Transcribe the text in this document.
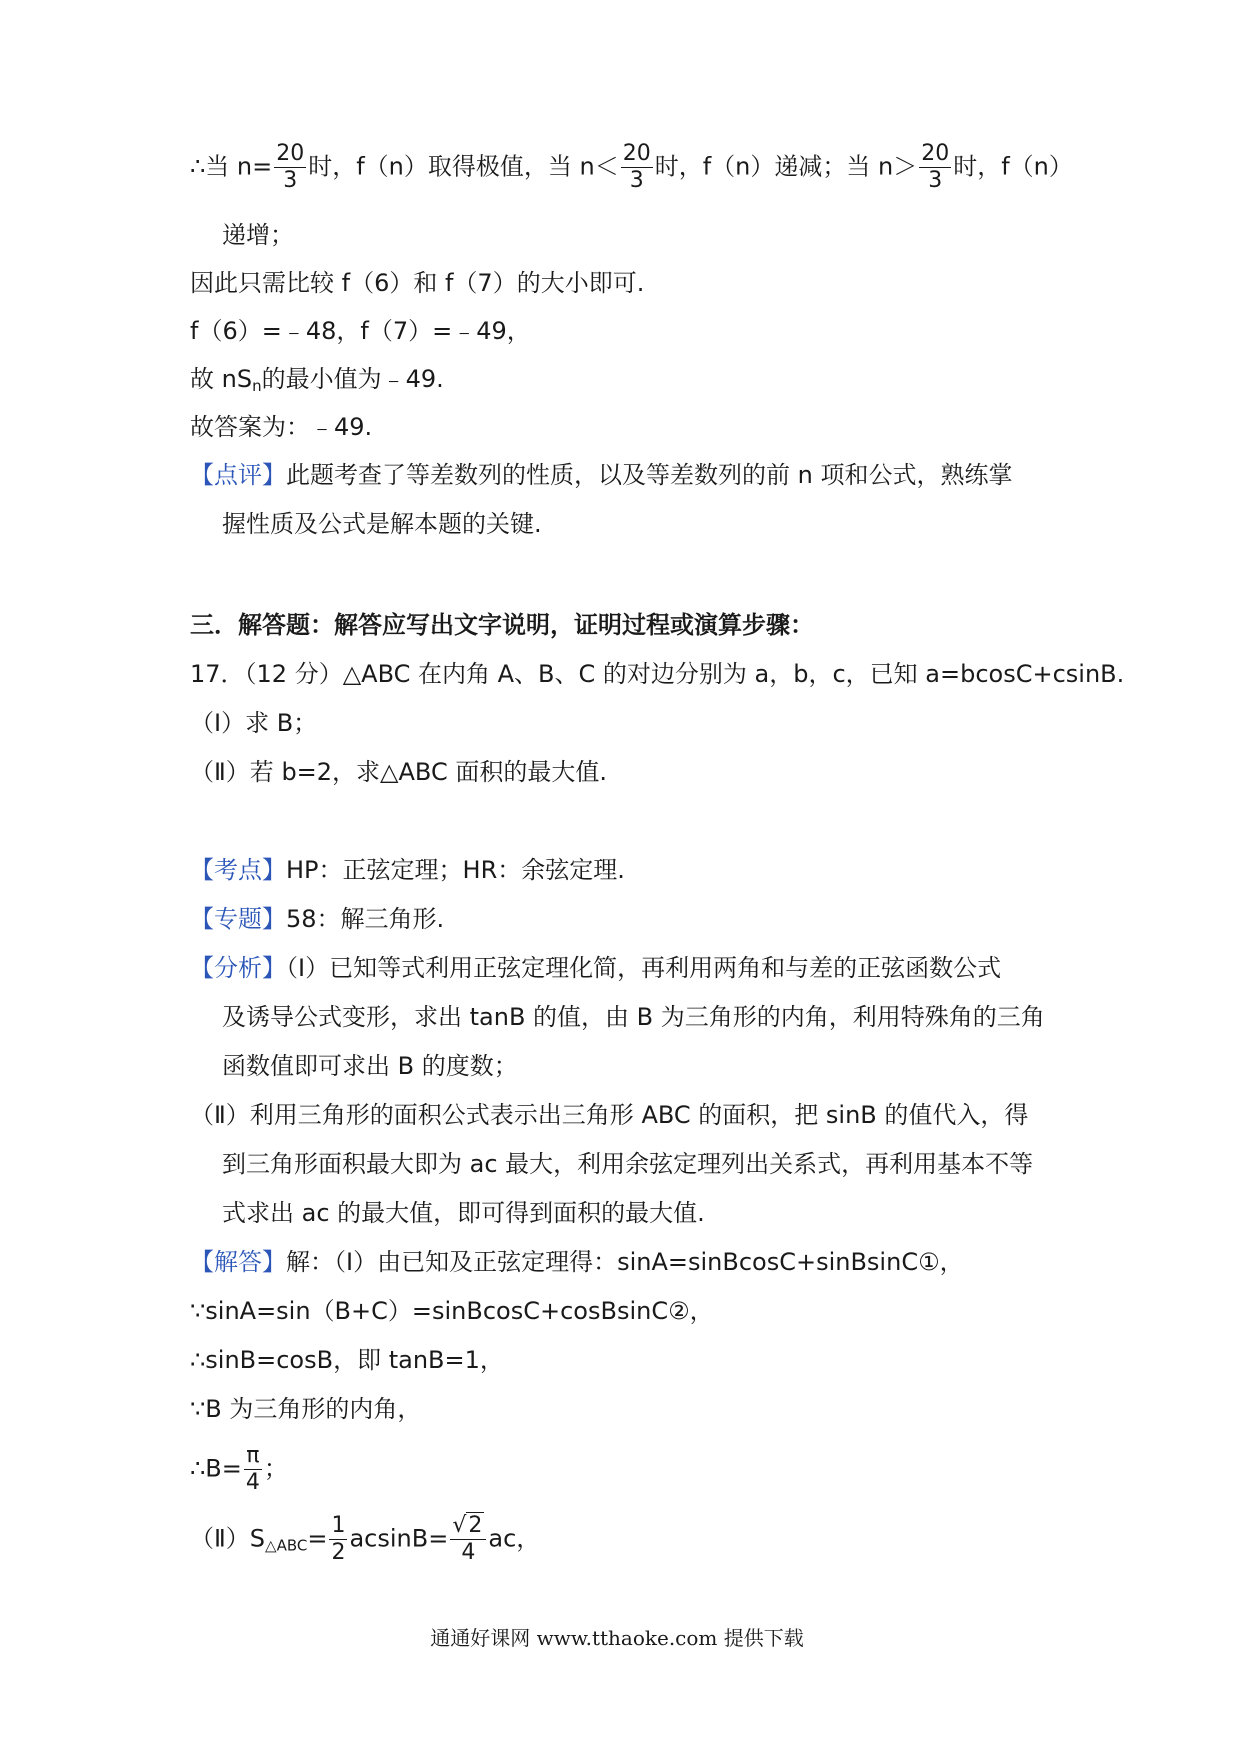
∴当 $n= \frac{20}{3}$ 时，f（n）取得极值，当 $n< \frac{20}{3}$ 时，f（n）递减；当 $n> \frac{20}{3}$ 时，f（n）
递增；
因此只需比较 f（6）和 f（7）的大小即可.
f（6）=﹣48，f（7）=﹣49，
故 $nS_n$的最小值为﹣49.
故答案为：﹣49.
【点评】此题考查了等差数列的性质，以及等差数列的前 n 项和公式，熟练掌
握性质及公式是解本题的关键.
三．解答题：解答应写出文字说明，证明过程或演算步骤：
17．（12 分）△ABC 在内角 A、B、C 的对边分别为 a，b，c，已知 a=bcosC+csinB.
（Ⅰ）求 B；
（Ⅱ）若 b=2，求△ABC 面积的最大值.
【考点】HP：正弦定理；HR：余弦定理.
【专题】58：解三角形.
【分析】（Ⅰ）已知等式利用正弦定理化简，再利用两角和与差的正弦函数公式
及诱导公式变形，求出 tanB 的值，由 B 为三角形的内角，利用特殊角的三角
函数值即可求出 B 的度数；
（Ⅱ）利用三角形的面积公式表示出三角形 ABC 的面积，把 sinB 的值代入，得
到三角形面积最大即为 ac 最大，利用余弦定理列出关系式，再利用基本不等
式求出 ac 的最大值，即可得到面积的最大值.
【解答】解：（Ⅰ）由已知及正弦定理得：sinA=sinBcosC+sinBsinC①，
∵sinA=sin（B+C）=sinBcosC+cosBsinC②，
∴sinB=cosB，即 tanB=1，
∵B 为三角形的内角，
∴B= $\frac{\pi}{4}$ ；
$(Ⅱ)S_{\triangle ABC}= \frac{1}{2} acsinB= \frac{√2}{4}$ ac，
通通好课网 www.tthaoke.com 提供下载
